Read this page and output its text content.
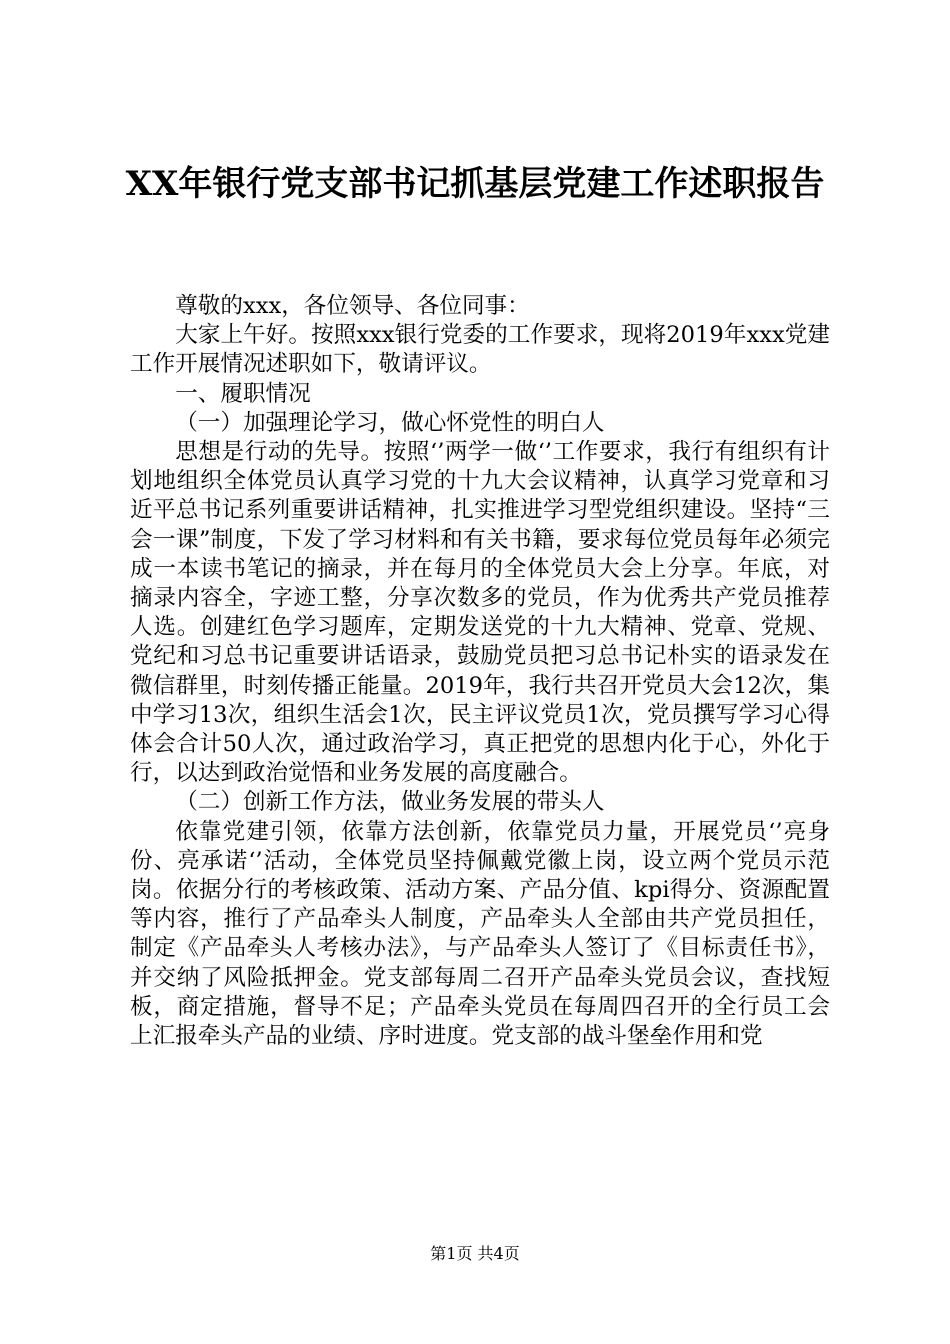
XX年银行党支部书记抓基层党建工作述职报告

尊敬的xxx，各位领导、各位同事：

大家上午好。按照xxx银行党委的工作要求，现将2019年xxx党建工作开展情况述职如下，敬请评议。

一、履职情况

（一）加强理论学习，做心怀党性的明白人

思想是行动的先导。按照‘’两学一做‘’工作要求，我行有组织有计划地组织全体党员认真学习党的十九大会议精神，认真学习党章和习近平总书记系列重要讲话精神，扎实推进学习型党组织建设。坚持“三会一课”制度，下发了学习材料和有关书籍，要求每位党员每年必须完成一本读书笔记的摘录，并在每月的全体党员大会上分享。年底，对摘录内容全，字迹工整，分享次数多的党员，作为优秀共产党员推荐人选。创建红色学习题库，定期发送党的十九大精神、党章、党规、党纪和习总书记重要讲话语录，鼓励党员把习总书记朴实的语录发在微信群里，时刻传播正能量。2019年，我行共召开党员大会12次，集中学习13次，组织生活会1次，民主评议党员1次，党员撰写学习心得体会合计50人次，通过政治学习，真正把党的思想内化于心，外化于行，以达到政治觉悟和业务发展的高度融合。

（二）创新工作方法，做业务发展的带头人

依靠党建引领，依靠方法创新，依靠党员力量，开展党员‘’亮身份、亮承诺‘’活动，全体党员坚持佩戴党徽上岗，设立两个党员示范岗。依据分行的考核政策、活动方案、产品分值、kpi得分、资源配置等内容，推行了产品牵头人制度，产品牵头人全部由共产党员担任，制定《产品牵头人考核办法》，与产品牵头人签订了《目标责任书》，并交纳了风险抵押金。党支部每周二召开产品牵头党员会议，查找短板，商定措施，督导不足；产品牵头党员在每周四召开的全行员工会上汇报牵头产品的业绩、序时进度。党支部的战斗堡垒作用和党

第1页 共4页
